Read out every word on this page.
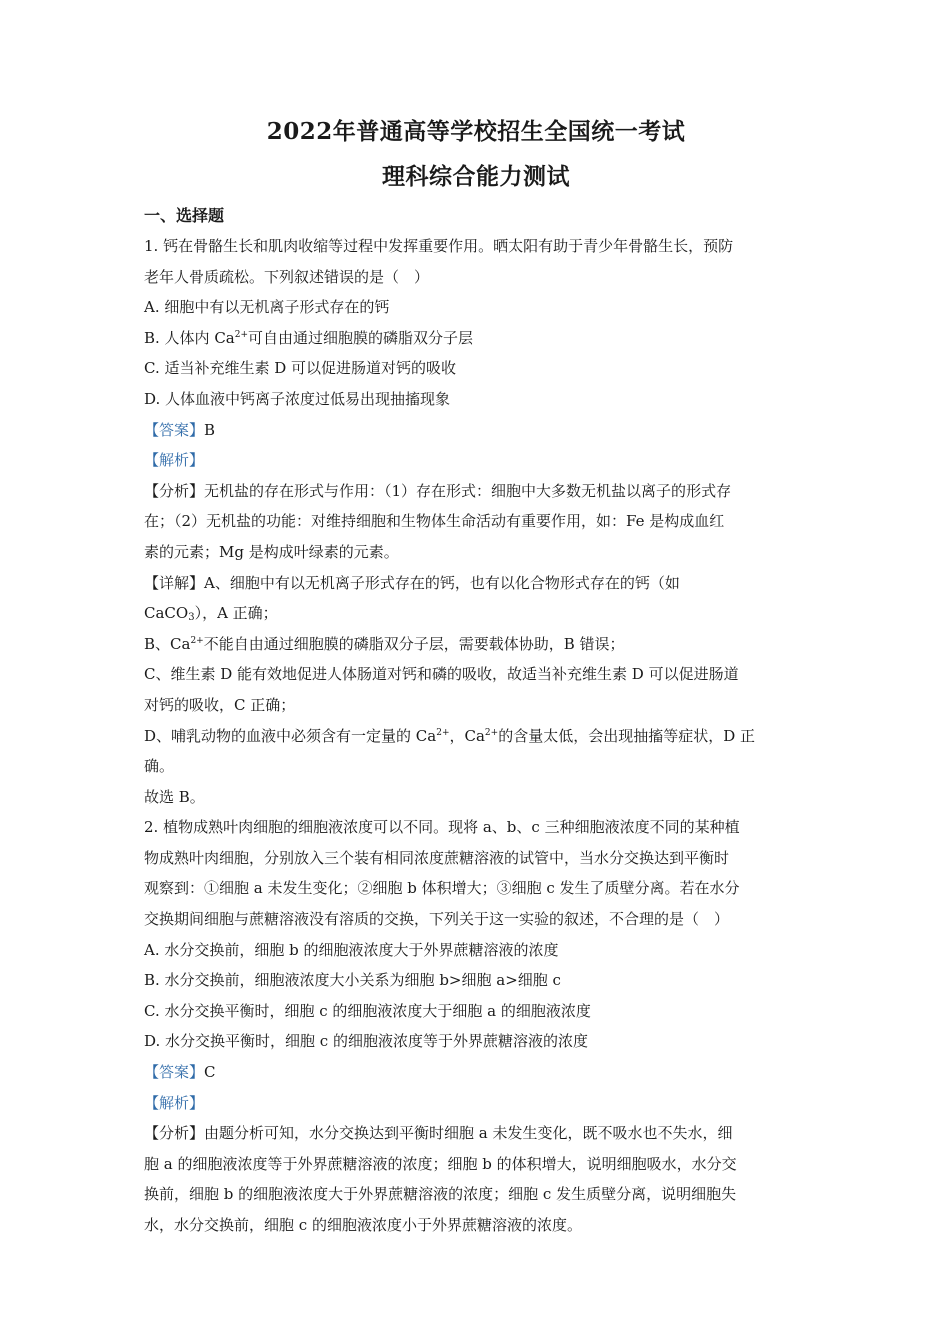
2022年普通高等学校招生全国统一考试
理科综合能力测试
一、选择题
1. 钙在骨骼生长和肌肉收缩等过程中发挥重要作用。晒太阳有助于青少年骨骼生长，预防
老年人骨质疏松。下列叙述错误的是（　）
A. 细胞中有以无机离子形式存在的钙
B. 人体内 $Ca^{2+}$可自由通过细胞膜的磷脂双分子层
C. 适当补充维生素 D 可以促进肠道对钙的吸收
D. 人体血液中钙离子浓度过低易出现抽搐现象
【答案】B
【解析】
【分析】无机盐的存在形式与作用：（1）存在形式：细胞中大多数无机盐以离子的形式存
在；（2）无机盐的功能：对维持细胞和生物体生命活动有重要作用，如：Fe 是构成血红
素的元素；Mg 是构成叶绿素的元素。
【详解】A、细胞中有以无机离子形式存在的钙，也有以化合物形式存在的钙（如
CaCO$_3$），A 正确；
B、$Ca^{2+}$不能自由通过细胞膜的磷脂双分子层，需要载体协助，B 错误；
C、维生素 D 能有效地促进人体肠道对钙和磷的吸收，故适当补充维生素 D 可以促进肠道
对钙的吸收，C 正确；
D、哺乳动物的血液中必须含有一定量的 $Ca^{2+}$，$Ca^{2+}$的含量太低，会出现抽搐等症状，D 正
确。
故选 B。
2. 植物成熟叶肉细胞的细胞液浓度可以不同。现将 a、b、c 三种细胞液浓度不同的某种植
物成熟叶肉细胞，分别放入三个装有相同浓度蔗糖溶液的试管中，当水分交换达到平衡时
观察到：①细胞 a 未发生变化；②细胞 b 体积增大；③细胞 c 发生了质壁分离。若在水分
交换期间细胞与蔗糖溶液没有溶质的交换，下列关于这一实验的叙述，不合理的是（　）
A. 水分交换前，细胞 b 的细胞液浓度大于外界蔗糖溶液的浓度
B. 水分交换前，细胞液浓度大小关系为细胞 b>细胞 a>细胞 c
C. 水分交换平衡时，细胞 c 的细胞液浓度大于细胞 a 的细胞液浓度
D. 水分交换平衡时，细胞 c 的细胞液浓度等于外界蔗糖溶液的浓度
【答案】C
【解析】
【分析】由题分析可知，水分交换达到平衡时细胞 a 未发生变化，既不吸水也不失水，细
胞 a 的细胞液浓度等于外界蔗糖溶液的浓度；细胞 b 的体积增大，说明细胞吸水，水分交
换前，细胞 b 的细胞液浓度大于外界蔗糖溶液的浓度；细胞 c 发生质壁分离，说明细胞失
水，水分交换前，细胞 c 的细胞液浓度小于外界蔗糖溶液的浓度。
